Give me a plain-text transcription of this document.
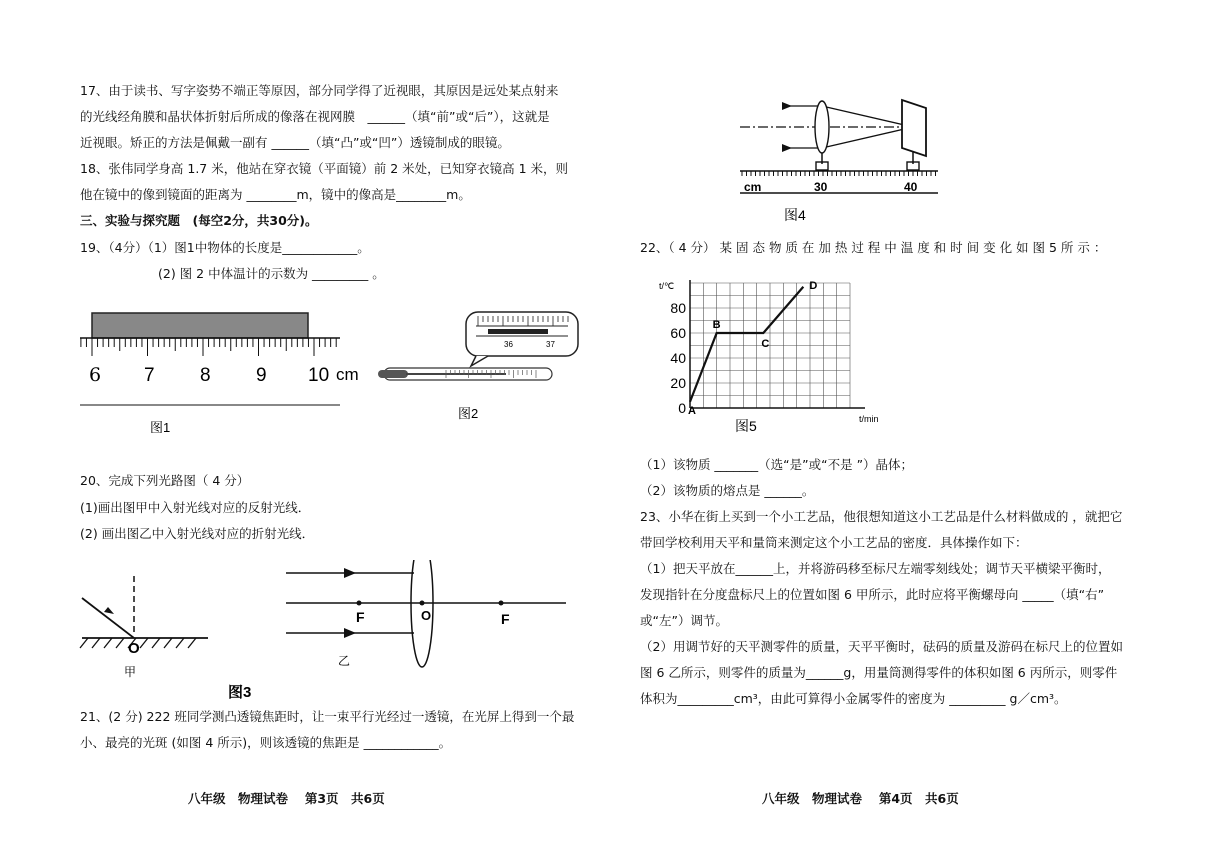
17、由于读书、写字姿势不端正等原因，部分同学得了近视眼，其原因是远处某点射来
的光线经角膜和晶状体折射后所成的像落在视网膜　______（填“前”或“后”），这就是
近视眼。矫正的方法是佩戴一副有 ______（填“凸”或“凹”）透镜制成的眼镜。
18、张伟同学身高 1.7 米，他站在穿衣镜（平面镜）前 2 米处，已知穿衣镜高 1 米，则
他在镜中的像到镜面的距离为 ________m，镜中的像高是________m。
三、实验与探究题　(每空2分，共30分)。
19、（4分）（1）图1中物体的长度是____________。
(2) 图 2 中体温计的示数为 _________ 。
6 7 8 9 10 cm
图1
36	37
图2
20、完成下列光路图（ 4 分）
(1)画出图甲中入射光线对应的反射光线．
(2) 画出图乙中入射光线对应的折射光线．
O
甲
F	O	F
乙
图3
21、(2 分) 222 班同学测凸透镜焦距时，让一束平行光经过一透镜，在光屏上得到一个最
小、最亮的光斑 (如图 4 所示)，则该透镜的焦距是 ____________。
八年级　物理试卷　 第3页　共6页
cm	30	40
图4
22、（ 4 分） 某 固 态 物 质 在 加 热 过 程 中 温 度 和 时 间 变 化 如 图 5 所 示 ：
0
20
40
60
80
A
B
C
D
t/℃
t/min
图5
（1）该物质 _______（选“是”或“不是 ”）晶体；
（2）该物质的熔点是 ______。
23、小华在街上买到一个小工艺品，他很想知道这小工艺品是什么材料做成的 ，就把它
带回学校利用天平和量筒来测定这个小工艺品的密度．具体操作如下：
（1）把天平放在______上，并将游码移至标尺左端零刻线处；调节天平横梁平衡时，
发现指针在分度盘标尺上的位置如图 6 甲所示，此时应将平衡螺母向 _____（填“右”
或“左”）调节。
（2）用调节好的天平测零件的质量，天平平衡时，砝码的质量及游码在标尺上的位置如
图 6 乙所示，则零件的质量为______g，用量筒测得零件的体积如图 6 丙所示，则零件
体积为_________cm³，由此可算得小金属零件的密度为 _________ g／cm³。
八年级　物理试卷　 第4页　共6页
